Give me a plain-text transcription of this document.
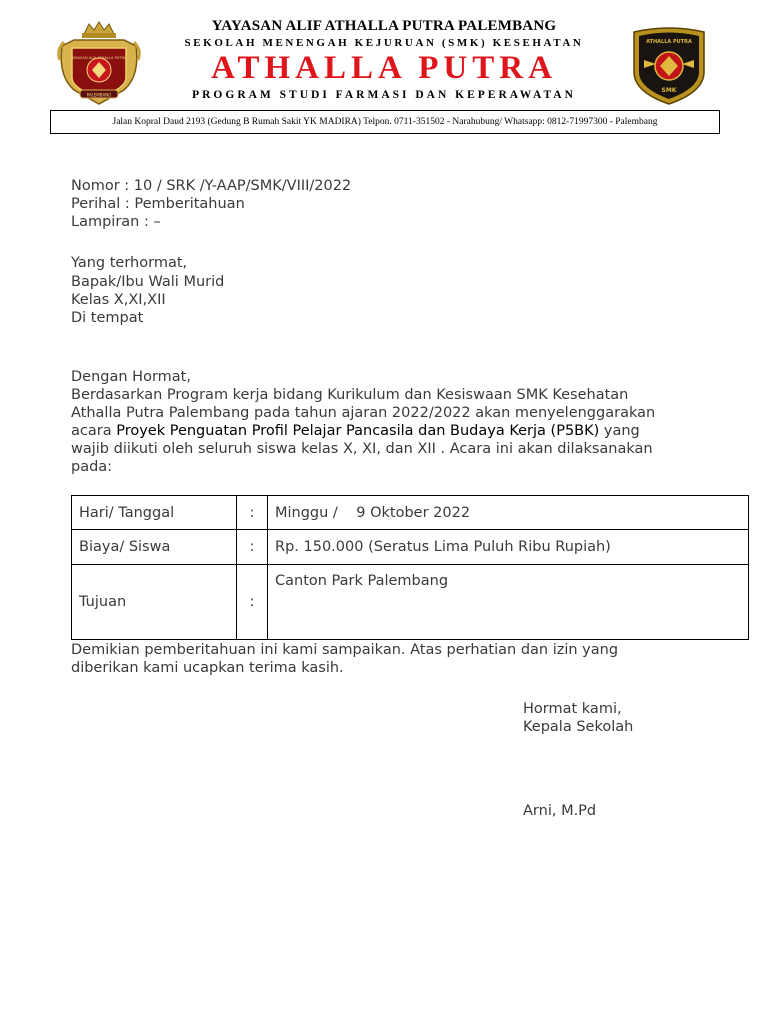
YAYASAN ALIF ATHALLA PUTRA
PALEMBANG
ATHALLA PUTRA
SMK
YAYASAN ALIF ATHALLA PUTRA PALEMBANG
SEKOLAH MENENGAH KEJURUAN (SMK) KESEHATAN
ATHALLA PUTRA
PROGRAM STUDI FARMASI DAN KEPERAWATAN
Jalan Kopral Daud 2193 (Gedung B Rumah Sakit YK MADIRA) Telpon. 0711-351502 - Narahubung/ Whatsapp: 0812-71997300 - Palembang
Nomor : 10 / SRK /Y-AAP/SMK/VIII/2022
Perihal : Pemberitahuan
Lampiran : –
Yang terhormat,
Bapak/Ibu Wali Murid
Kelas X,XI,XII
Di tempat
Dengan Hormat,
Berdasarkan Program kerja bidang Kurikulum dan Kesiswaan SMK Kesehatan
Athalla Putra Palembang pada tahun ajaran 2022/2022 akan menyelenggarakan
acara Proyek Penguatan Profil Pelajar Pancasila dan Budaya Kerja (P5BK) yang
wajib diikuti oleh seluruh siswa kelas X, XI, dan XII . Acara ini akan dilaksanakan
pada:
Hari/ Tanggal	:	Minggu /    9 Oktober 2022
Biaya/ Siswa	:	Rp. 150.000 (Seratus Lima Puluh Ribu Rupiah)
Tujuan	:	Canton Park Palembang
Demikian pemberitahuan ini kami sampaikan. Atas perhatian dan izin yang
diberikan kami ucapkan terima kasih.
Hormat kami,
Kepala Sekolah
Arni, M.Pd
